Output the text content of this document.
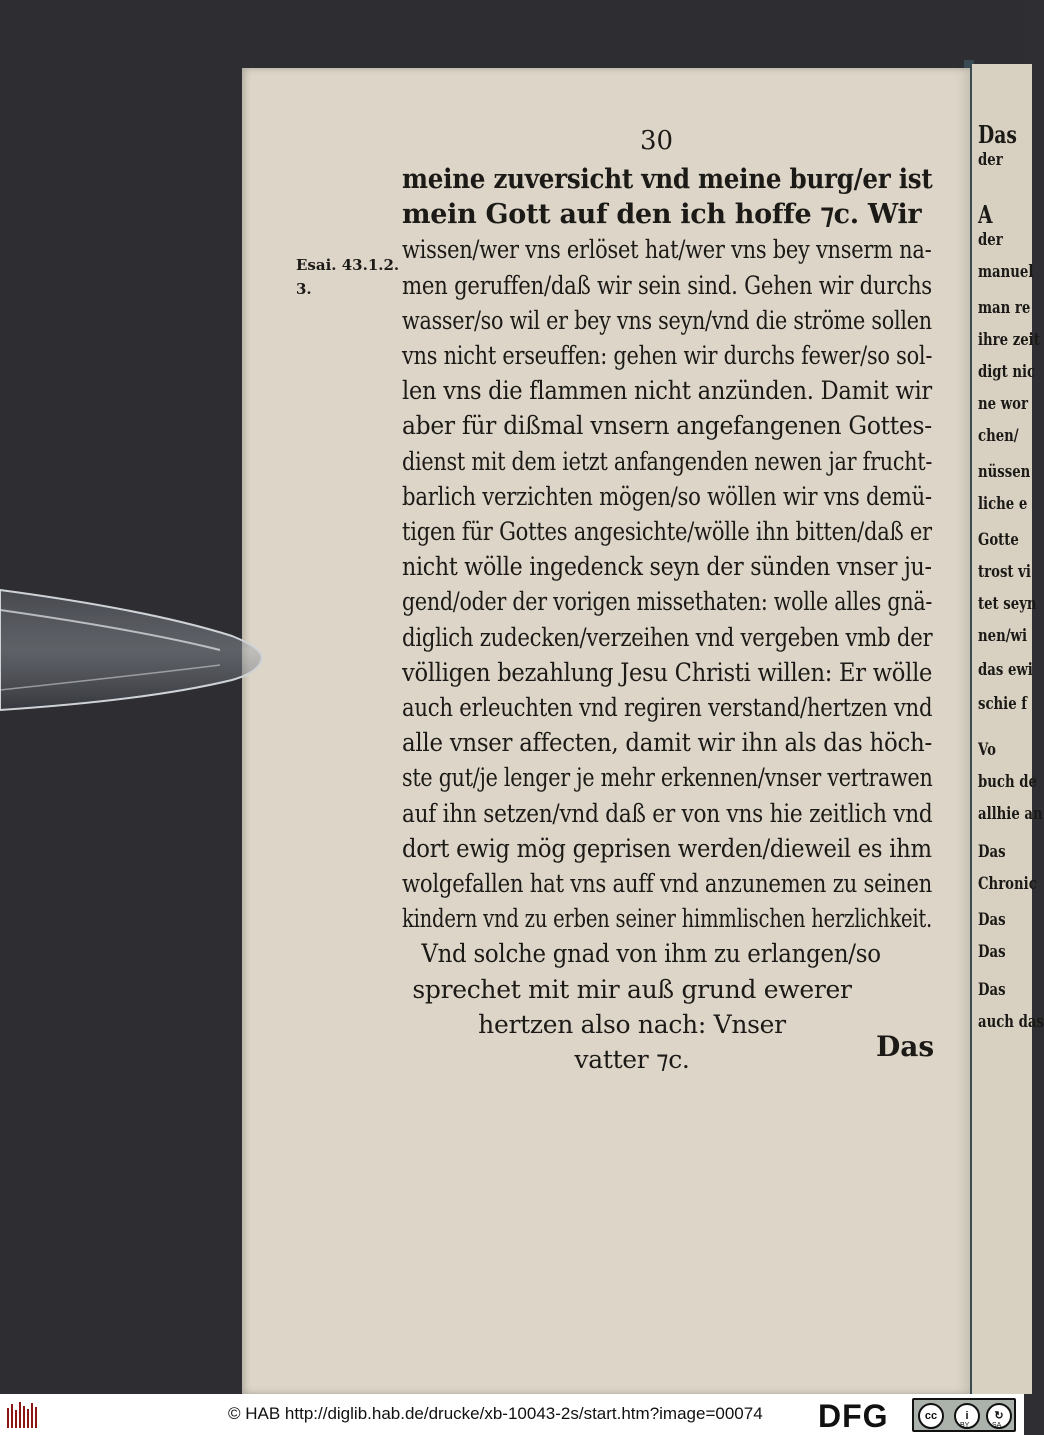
Das
der
A
der
manuel
man re
ihre zeit
digt nic
ne wor
chen/
nüssen
liche e
Gotte
trost vi
tet seyn
nen/wi
das ewi
schie f
Vo
buch de
allhie an
Das
Chronic
Das
Das
Das
auch das
30
Esai. 43.1.2.
3.
meine zuversicht vnd meine burg/er ist
mein Gott auf den ich hoffe ⁊c. Wir
wissen/wer vns erlöset hat/wer vns bey vnserm na-
men geruffen/daß wir sein sind. Gehen wir durchs
wasser/so wil er bey vns seyn/vnd die ströme sollen
vns nicht erseuffen: gehen wir durchs fewer/so sol-
len vns die flammen nicht anzünden. Damit wir
aber für dißmal vnsern angefangenen Gottes-
dienst mit dem ietzt anfangenden newen jar frucht-
barlich verzichten mögen/so wöllen wir vns demü-
tigen für Gottes angesichte/wölle ihn bitten/daß er
nicht wölle ingedenck seyn der sünden vnser ju-
gend/oder der vorigen missethaten: wolle alles gnä-
diglich zudecken/verzeihen vnd vergeben vmb der
völligen bezahlung Jesu Christi willen: Er wölle
auch erleuchten vnd regiren verstand/hertzen vnd
alle vnser affecten, damit wir ihn als das höch-
ste gut/je lenger je mehr erkennen/vnser vertrawen
auf ihn setzen/vnd daß er von vns hie zeitlich vnd
dort ewig mög geprisen werden/dieweil es ihm
wolgefallen hat vns auff vnd anzunemen zu seinen
kindern vnd zu erben seiner himmlischen herzlichkeit.
Vnd solche gnad von ihm zu erlangen/so
sprechet mit mir auß grund ewerer
hertzen also nach: Vnser
vatter ⁊c.	Das
© HAB http://diglib.hab.de/drucke/xb-10043-2s/start.htm?image=00074 DFG	cc	i	↻
BY	SA
